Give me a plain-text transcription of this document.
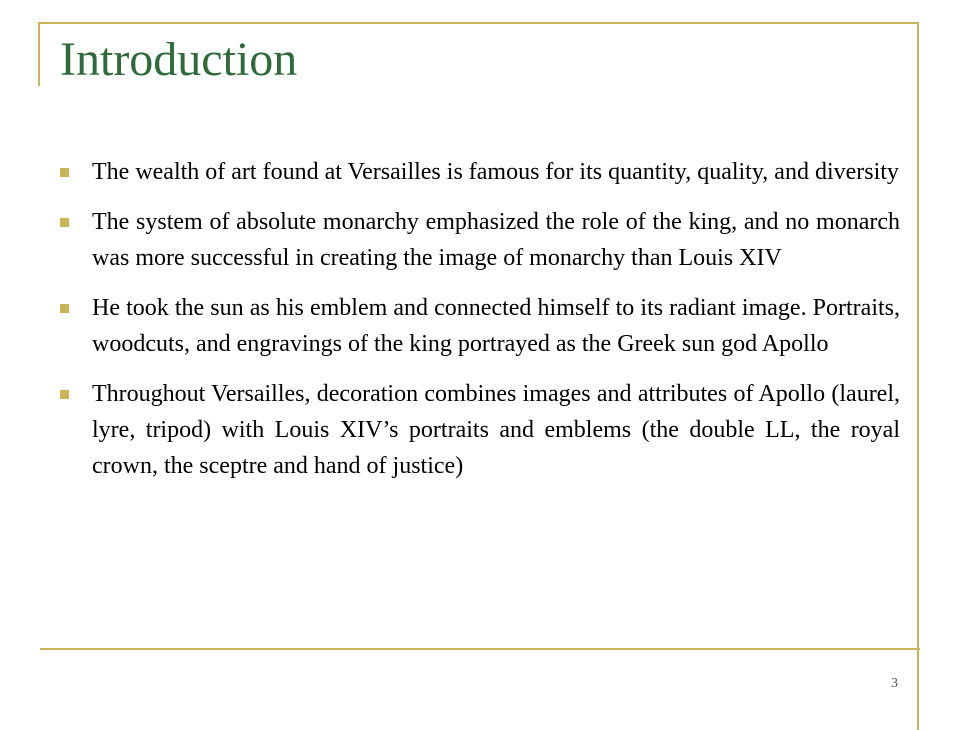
Introduction
The wealth of art found at Versailles is famous for its quantity, quality, and diversity
The system of absolute monarchy emphasized the role of the king, and no monarch was more successful in creating the image of monarchy than Louis XIV
He took the sun as his emblem and connected himself to its radiant image. Portraits, woodcuts, and engravings of the king portrayed as the Greek sun god Apollo
Throughout Versailles, decoration combines images and attributes of Apollo (laurel, lyre, tripod) with Louis XIV’s portraits and emblems (the double LL, the royal crown, the sceptre and hand of justice)
3
